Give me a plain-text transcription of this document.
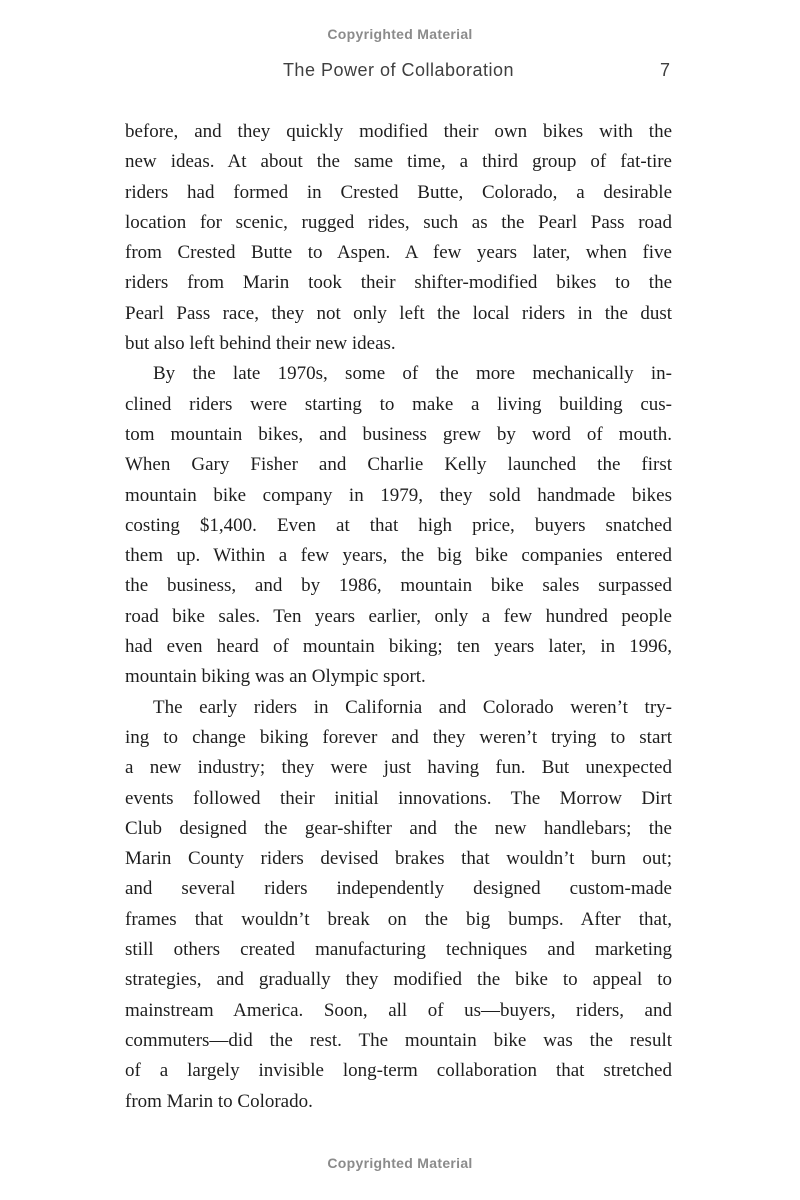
Copyrighted Material
The Power of Collaboration	7
before, and they quickly modified their own bikes with the
new ideas. At about the same time, a third group of fat-tire
riders had formed in Crested Butte, Colorado, a desirable
location for scenic, rugged rides, such as the Pearl Pass road
from Crested Butte to Aspen. A few years later, when five
riders from Marin took their shifter-modified bikes to the
Pearl Pass race, they not only left the local riders in the dust
but also left behind their new ideas.
By the late 1970s, some of the more mechanically in-
clined riders were starting to make a living building cus-
tom mountain bikes, and business grew by word of mouth.
When Gary Fisher and Charlie Kelly launched the first
mountain bike company in 1979, they sold handmade bikes
costing $1,400. Even at that high price, buyers snatched
them up. Within a few years, the big bike companies entered
the business, and by 1986, mountain bike sales surpassed
road bike sales. Ten years earlier, only a few hundred people
had even heard of mountain biking; ten years later, in 1996,
mountain biking was an Olympic sport.
The early riders in California and Colorado weren’t try-
ing to change biking forever and they weren’t trying to start
a new industry; they were just having fun. But unexpected
events followed their initial innovations. The Morrow Dirt
Club designed the gear-shifter and the new handlebars; the
Marin County riders devised brakes that wouldn’t burn out;
and several riders independently designed custom-made
frames that wouldn’t break on the big bumps. After that,
still others created manufacturing techniques and marketing
strategies, and gradually they modified the bike to appeal to
mainstream America. Soon, all of us—buyers, riders, and
commuters—did the rest. The mountain bike was the result
of a largely invisible long-term collaboration that stretched
from Marin to Colorado.
Copyrighted Material
